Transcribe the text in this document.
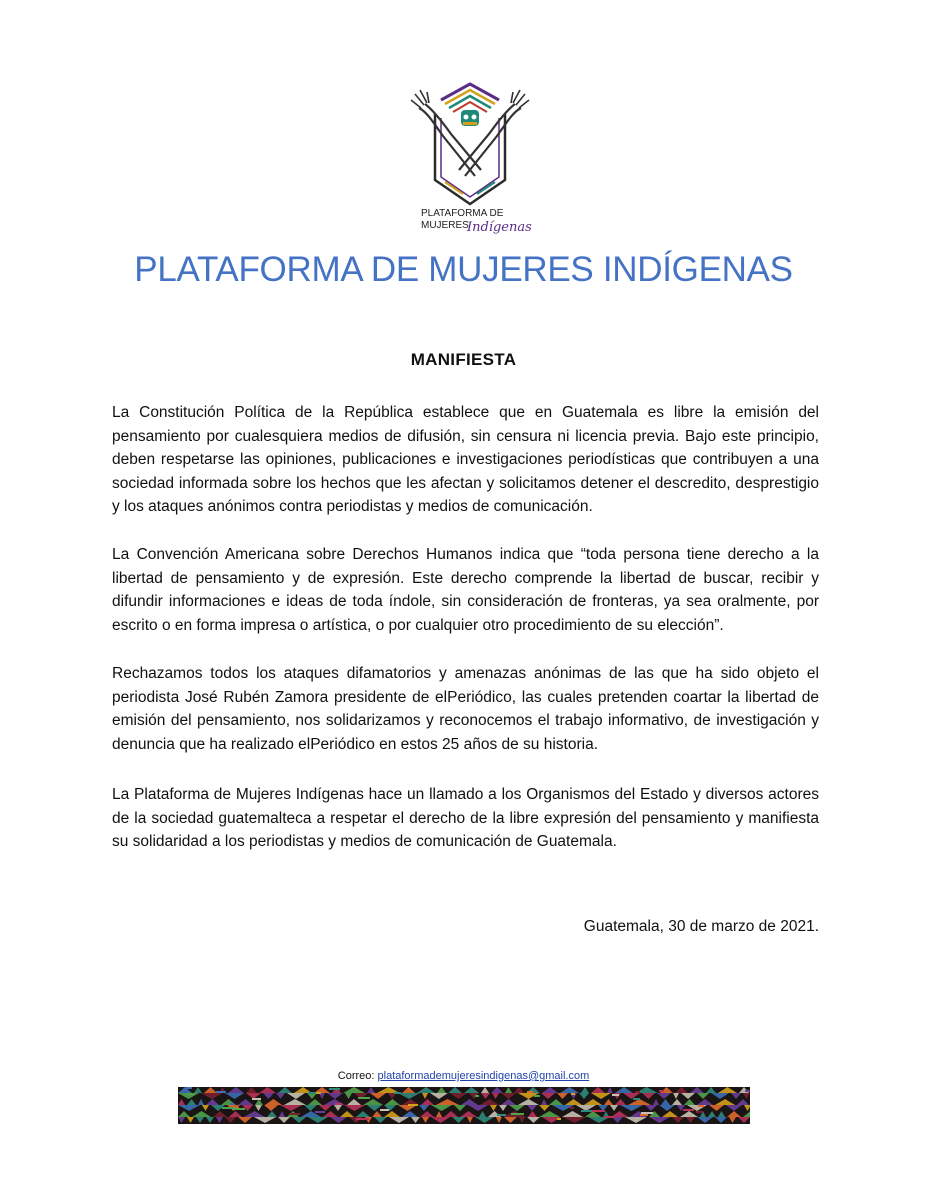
PLATAFORMA DE
MUJERES
Indígenas
PLATAFORMA DE MUJERES INDÍGENAS
MANIFIESTA

La Constitución Política de la República establece que en Guatemala es libre la emisión del pensamiento por cualesquiera medios de difusión, sin censura ni licencia previa. Bajo este principio, deben respetarse las opiniones, publicaciones e investigaciones periodísticas que contribuyen a una sociedad informada sobre los hechos que les afectan y solicitamos detener el descredito, desprestigio y los ataques anónimos contra periodistas y medios de comunicación.

La Convención Americana sobre Derechos Humanos indica que “toda persona tiene derecho a la libertad de pensamiento y de expresión. Este derecho comprende la libertad de buscar, recibir y difundir informaciones e ideas de toda índole, sin consideración de fronteras, ya sea oralmente, por escrito o en forma impresa o artística, o por cualquier otro procedimiento de su elección”.

Rechazamos todos los ataques difamatorios y amenazas anónimas de las que ha sido objeto el periodista José Rubén Zamora presidente de elPeriódico, las cuales pretenden coartar la libertad de emisión del pensamiento, nos solidarizamos y reconocemos el trabajo informativo, de investigación y denuncia que ha realizado elPeriódico en estos 25 años de su historia.

La Plataforma de Mujeres Indígenas hace un llamado a los Organismos del Estado y diversos actores de la sociedad guatemalteca a respetar el derecho de la libre expresión del pensamiento y manifiesta su solidaridad a los periodistas y medios de comunicación de Guatemala.

Guatemala, 30 de marzo de 2021.

Correo: plataformademujeresindigenas@gmail.com
